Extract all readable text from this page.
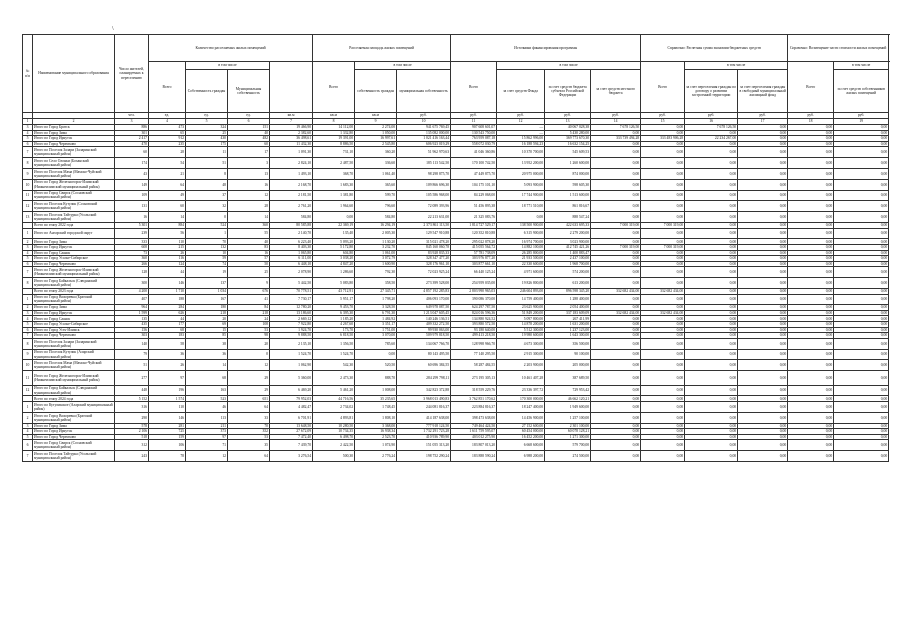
\
№ п/п	Наименование муниципального образования	Число жителей, планируемых к переселению	Количество расселяемых жилых помещений				Расселяемая площадь жилых помещений			Источники финансирования программы				Справочно: Расчетная сумма экономии бюджетных средств			Справочно: Возмещение части стоимости жилых помещений		
			Всего	в том числе			Всего	в том числе		Всего	в том числе			Всего	в том числе		Всего	в том числе	
				Собственность граждан	Муниципальная собственность			собственность граждан	муниципальная собственность		за счет средств Фонда	за счет средств бюджета субъекта Российской Федерации	за счет средств местного бюджета		за счет переселения граждан по договору о развитии застроенной территории	за счет переселения граждан в свободный муниципальный жилищный фонд		за счет средств собственников жилых помещений	
		чел.	ед.	ед.	ед.	кв.м	кв.м	кв.м	руб.	руб.	руб.	руб.	руб.	руб.	руб.	руб.	руб.	руб.	
1	2	3	4	5	6	7	8	9	10	11	12	13	14	15	16	17	18	19	
3	Итого по Город Братск	886	473	324	151	19 466,90	14 112,00	2 274,00	941 675 769,45	907 608 601,07	—	40 067 028,38	7 678 126,50	0,00	7 678 126,50	0,00	0,00	0,00	
4	Итого по Город Зима	301	65	25	40	2 382,60	1 332,80	1 050,00	135 082 000,00	130 543 750,00	—	5 430 280,00	0,00	0,00	0,00	0,00	0,00	0,00	
5	Итого по Город Иркутск	2 417	912	430	482	36 498,61	19 391,00	16 997,61	1 021 416 163,44	763 959 087,18	15 862 996,00	369 773 670,30	333 739 494,28	333 483 906,28	22 234 267,00	0,00	0,00	0,00	
6	Итого по Город Черемхово	470	235	175	60	11 432,30	8 886,50	2 545,80	606 923 019,29	558 072 030,79	16 188 594,23	16 632 154,25	0,00	0,00	0,00	0,00	0,00	0,00	
7	Итого по Поселок Залари (Заларинский муниципальный район)	60	28	11	17	1 091,30	731,10	360,20	51 962 970,63	41 046 360,86	10 370 700,00	545 609,53	0,00	0,00	0,00	0,00	0,00	0,00	
8	Итого по Село Олонки (Боханский муниципальный район)	174	54	51	3	2 824,10	2 487,50	336,60	185 113 542,50	170 100 742,50	13 952 200,00	1 260 600,00	0,00	0,00	0,00	0,00	0,00	0,00	
9	Итого по Поселок Мама (Мамско-Чуйский муниципальный район)	43	21	8	13	1 493,10	368,70	1 061,40	98 298 875,70	47 449 875,70	20 975 000,00	874 000,00	0,00	0,00	0,00	0,00	0,00	0,00	
10	Итого по Город Железногорск-Илимский (Нижнеилимский муниципальный район)	149	64	48	16	2 168,70	1 683,30	365,60	109 866 696,30	104 175 101,10	5 093 900,00	598 605,30	0,00	0,00	0,00	0,00	0,00	0,00	
11	Итого по Город Свирск (Сосновский муниципальный район)	109	49	37	12	2 181,50	1 381,80	599,70	105 586 968,00	84 229 068,00	17 744 900,00	1 513 600,00	0,00	0,00	0,00	0,00	0,00	0,00	
12	Итого по Поселок Кутулик (Сосновский муниципальный район)	131	60	32	28	2 761,20	1 964,60	796,60	72 089 393,96	51 456 895,38	18 771 510,00	861 816,67	0,00	0,00	0,00	0,00	0,00	0,00	
13	Итого по Поселок Тайтурка (Усольский муниципальный район)	16	14	0	14	584,80	0,00	584,80	22 213 631,00	21 325 083,76	0,00	888 547,24	0,00	0,00	0,00	0,00	0,00	0,00	
	Всего по этапу 2022 года	5 301	884	524	360	80 585,88	22 369,19	16 294,19	2 373 861 113,50	1 814 727 529,17	138 500 900,00	422 633 695,33	7 000 319,00	7 000 319,00	0,00	0,00	0,00	0,00	
1	Итого по Ангарский городской округ	239	56	1	55	2 140,70	135,40	2 005,30	129 547 910,88	120 352 810,88	6 315 900,00	2 279 200,00	0,00	0,00	0,00	0,00	0,00	0,00	
2	Итого по Город Зима	333	110	70	40	6 223,40	5 093,20	1 130,20	315 021 478,20	295 022 878,20	16 974 700,00	3 023 900,00	0,00	0,00	0,00	0,00	0,00	0,00	
3	Итого по Город Иркутск	608	215	132	83	8 403,30	5 172,80	3 232,70	845 160 060,78	415 055 564,72	14 882 100,00	412 745 421,26	7 000 319,00	7 000 319,00	0,00	0,00	0,00	0,00	
4	Итого по Город Саянск	73	26	10	16	1 065,80	604,80	1 061,00	83 928 835,33	57 781 738,09	26 285 800,00	1 400 883,47	0,00	0,00	0,00	0,00	0,00	0,00	
5	Итого по Город Усолье-Сибирское	360	116	59	57	6 111,00	3 038,20	3 072,79	328 347 477,20	303 976 877,20	21 933 500,00	2 437 100,00	0,00	0,00	0,00	0,00	0,00	0,00	
6	Итого по Город Черемхово	266	124	74	50	6 448,10	4 847,20	1 600,90	328 176 961,10	303 877 661,10	22 330 600,00	1 968 700,00	0,00	0,00	0,00	0,00	0,00	0,00	
7	Итого по Город Железногорск-Илимский (Нижнеилимский муниципальный район)	128	44	19	25	2 078,90	1 286,60	792,30	72 023 925,24	66 440 125,24	4 971 600,00	574 200,00	0,00	0,00	0,00	0,00	0,00	0,00	
8	Итого по Город Байкальск (Слюдянский муниципальный район)	300	146	137	9	5 442,50	5 083,80	358,50	273 399 528,00	254 959 035,00	19 826 800,00	613 200,00	0,00	0,00	0,00	0,00	0,00	0,00	
	Всего по этапу 2023 года	4 200	1 710	1 034	676	70 778,51	43 712,91	27 345,71	4 857 192 285,83	2 803 990 965,03	246 604 893,00	896 598 345,20	332 682 434,00	332 682 434,00	0,00	0,00	0,00	0,00	
1	Итого по Город Вихоревка (Братский муниципальный район)	407	188	167	41	7 730,17	5 951,17	1 798,20	406 093 170,00	390 086 370,00	14 759 400,00	1 288 400,00	0,00	0,00	0,00	0,00	0,00	0,00	
2	Итого по Город Зима	964	284	180	84	12 780,20	9 453,70	3 328,50	649 978 087,50	624 297 787,50	23 625 900,00	2 054 400,00	0,00	0,00	0,00	0,00	0,00	0,00	
3	Итого по Город Иркутск	1 599	626	218	218	13 186,60	6 395,30	6 791,30	1 213 047 605,45	824 016 596,36	51 849 200,00	337 183 609,09	332 682 434,00	332 682 434,00	0,00	0,00	0,00	0,00	
4	Итого по Город Саянск	135	44	20	24	2 669,12	1 185,20	1 484,92	140 246 136,51	134 880 924,52	5 097 800,00	267 411,99	0,00	0,00	0,00	0,00	0,00	0,00	
5	Итого по Город Усолье-Сибирское	435	177	69	108	7 922,80	4 267,60	3 351,17	409 332 272,50	393 880 572,50	14 878 200,00	1 631 200,00	0,00	0,00	0,00	0,00	0,00	0,00	
6	Итого по Город Усть-Илимск	156	68	15	53	1 924,70	173,70	1 751,00	99 930 063,00	93 180 640,00	5 512 300,00	1 237 123,00	0,00	0,00	0,00	0,00	0,00	0,00	
7	Итого по Город Черемхово	303	183	85	98	9 888,50	6 818,50	3 070,00	509 979 818,50	499 413 218,50	19 980 600,00	1 643 300,00	0,00	0,00	0,00	0,00	0,00	0,00	
8	Итого по Поселок Залари (Заларинский муниципальный район)	140	58	38	20	2 135,10	1 356,50	785,60	134 067 766,70	128 998 966,70	4 673 300,00	356 500,00	0,00	0,00	0,00	0,00	0,00	0,00	
9	Итого по Поселок Кутулик (Аларский муниципальный район)	79	36	36	0	1 524,70	1 524,70	0,00	80 143 495,50	77 140 295,50	2 915 300,00	90 100,00	0,00	0,00	0,00	0,00	0,00	0,00	
10	Итого по Поселок Мама (Мамско-Чуйский муниципальный район)	51	26	14	12	1 062,90	542,30	520,50	60 696 384,55	58 287 484,55	2 203 900,00	205 000,00	0,00	0,00	0,00	0,00	0,00	0,00	
11	Итого по Город Железногорск-Илимский (Нижнеилимский муниципальный район)	277	97	68	29	5 360,00	2 473,30	888,70	284 299 798,11	273 195 305,13	10 461 407,28	387 689,50	0,00	0,00	0,00	0,00	0,00	0,00	
12	Итого по Город Байкальск (Слюдянский муниципальный район)	448	196	163	29	6 469,20	5 461,20	1 008,00	342 823 372,88	318 559 229,76	23 336 397,72	729 953,42	0,00	0,00	0,00	0,00	0,00	0,00	
	Всего по этапу 2024 года	5 152	1 574	523	651	79 952,03	44 716,56	35 235,65	3 968 013 490,83	3 762 851 170,62	170 300 000,00	46 662 120,21	0,00	0,00	0,00	0,00	0,00	0,00	
1	Итого по Кутуликское (Аларский муниципальный район)	316	110	46	64	4 482,47	2 734,02	1 748,45	244 081 816,37	223 884 816,37	18 247 400,00	1 949 600,00	0,00	0,00	0,00	0,00	0,00	0,00	
2	Итого по Город Вихоревка (Братский муниципальный район)	290	146	113	33	6 701,91	4 893,81	1 808,10	414 187 638,00	398 473 638,00	14 456 900,00	1 257 100,00	0,00	0,00	0,00	0,00	0,00	0,00	
3	Итого по Город Зима	578	281	211	70	13 648,50	10 280,50	3 368,00	777 918 124,50	749 464 424,50	27 152 600,00	2 301 100,00	0,00	0,00	0,00	0,00	0,00	0,00	
4	Итого по Город Иркутск	2 106	725	373	352	27 672,09	10 734,35	16 938,34	1 732 291 723,28	1 611 759 595,07	60 454 000,00	60 078 128,21	0,00	0,00	0,00	0,00	0,00	0,00	
5	Итого по Город Черемхово	518	159	97	53	7 472,40	6 498,70	2 523,70	410 936 789,90	403 012 275,90	16 452 200,00	1 271 300,00	0,00	0,00	0,00	0,00	0,00	0,00	
6	Итого по Город Свирск (Сосновский муниципальный район)	312	106	71	35	7 439,70	2 422,50	1 074,90	151 055 313,20	183 807 013,20	6 668 600,00	579 700,00	0,00	0,00	0,00	0,00	0,00	0,00	
7	Итого по Поселок Тайтурка (Усольский муниципальный район)	243	78	12	64	3 276,54	500,30	2 776,24	198 752 290,24	183 888 590,24	6 988 200,00	274 500,00	0,00	0,00	0,00	0,00	0,00	0,00	
